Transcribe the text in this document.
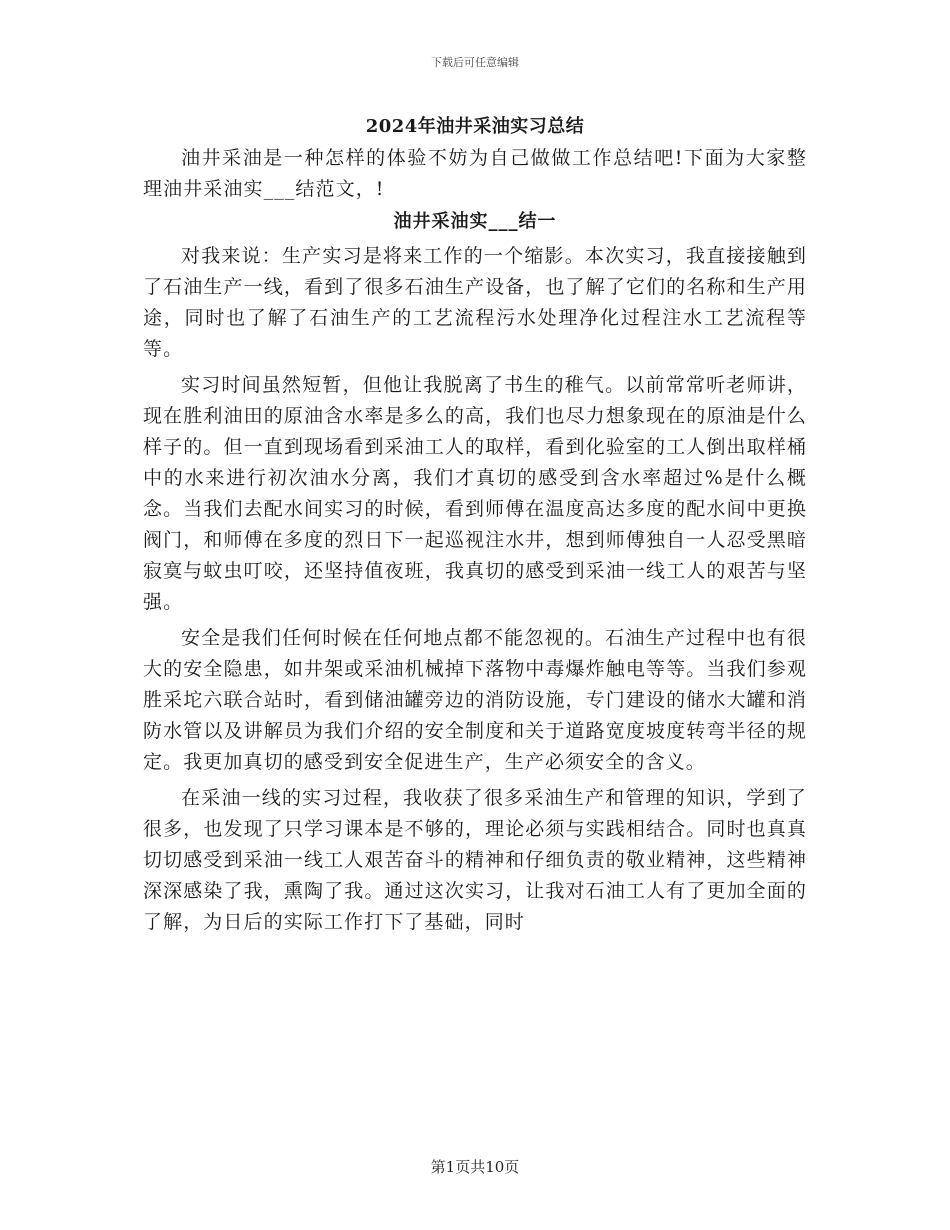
下载后可任意编辑
2024年油井采油实习总结

油井采油是一种怎样的体验不妨为自己做做工作总结吧!下面为大家整理油井采油实___结范文，!

油井采油实___结一

对我来说：生产实习是将来工作的一个缩影。本次实习，我直接接触到了石油生产一线，看到了很多石油生产设备，也了解了它们的名称和生产用途，同时也了解了石油生产的工艺流程污水处理净化过程注水工艺流程等等。

实习时间虽然短暂，但他让我脱离了书生的稚气。以前常常听老师讲，现在胜利油田的原油含水率是多么的高，我们也尽力想象现在的原油是什么样子的。但一直到现场看到采油工人的取样，看到化验室的工人倒出取样桶中的水来进行初次油水分离，我们才真切的感受到含水率超过%是什么概念。当我们去配水间实习的时候，看到师傅在温度高达多度的配水间中更换阀门，和师傅在多度的烈日下一起巡视注水井，想到师傅独自一人忍受黑暗寂寞与蚊虫叮咬，还坚持值夜班，我真切的感受到采油一线工人的艰苦与坚强。

安全是我们任何时候在任何地点都不能忽视的。石油生产过程中也有很大的安全隐患，如井架或采油机械掉下落物中毒爆炸触电等等。当我们参观胜采坨六联合站时，看到储油罐旁边的消防设施，专门建设的储水大罐和消防水管以及讲解员为我们介绍的安全制度和关于道路宽度坡度转弯半径的规定。我更加真切的感受到安全促进生产，生产必须安全的含义。

在采油一线的实习过程，我收获了很多采油生产和管理的知识，学到了很多，也发现了只学习课本是不够的，理论必须与实践相结合。同时也真真切切感受到采油一线工人艰苦奋斗的精神和仔细负责的敬业精神，这些精神深深感染了我，熏陶了我。通过这次实习，让我对石油工人有了更加全面的了解，为日后的实际工作打下了基础，同时

第1页共10页
